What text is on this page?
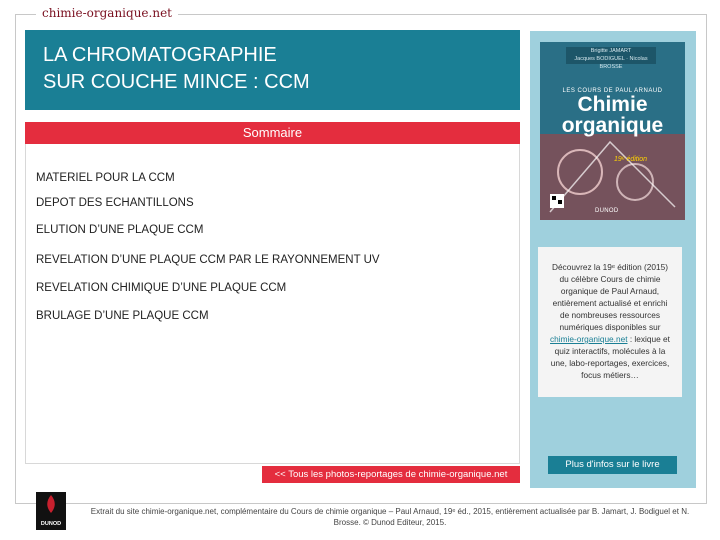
chimie-organique.net
LA CHROMATOGRAPHIE
SUR COUCHE MINCE : CCM
Sommaire
MATERIEL POUR LA CCM
DEPOT DES ECHANTILLONS
ELUTION D’UNE PLAQUE CCM
REVELATION D’UNE PLAQUE CCM PAR LE RAYONNEMENT UV
REVELATION CHIMIQUE D’UNE PLAQUE CCM
BRULAGE D’UNE PLAQUE CCM
<< Tous les photos-reportages de chimie-organique.net
Brigitte JAMART
Jacques BODIGUEL · Nicolas BROSSE
LES COURS DE PAUL ARNAUD
Chimie
organique
19ᵉ édition
DUNOD
Découvrez la 19ᵉ édition (2015) du célèbre Cours de chimie organique de Paul Arnaud, entièrement actualisé et enrichi de nombreuses ressources numériques disponibles sur chimie-organique.net : lexique et quiz interactifs, molécules à la une, labo-reportages, exercices, focus métiers…
Plus d'infos sur le livre
DUNOD
Extrait du site chimie-organique.net, complémentaire du Cours de chimie organique – Paul Arnaud, 19ᵉ éd., 2015, entièrement actualisée par B. Jamart, J. Bodiguel et N. Brosse. © Dunod Editeur, 2015.
